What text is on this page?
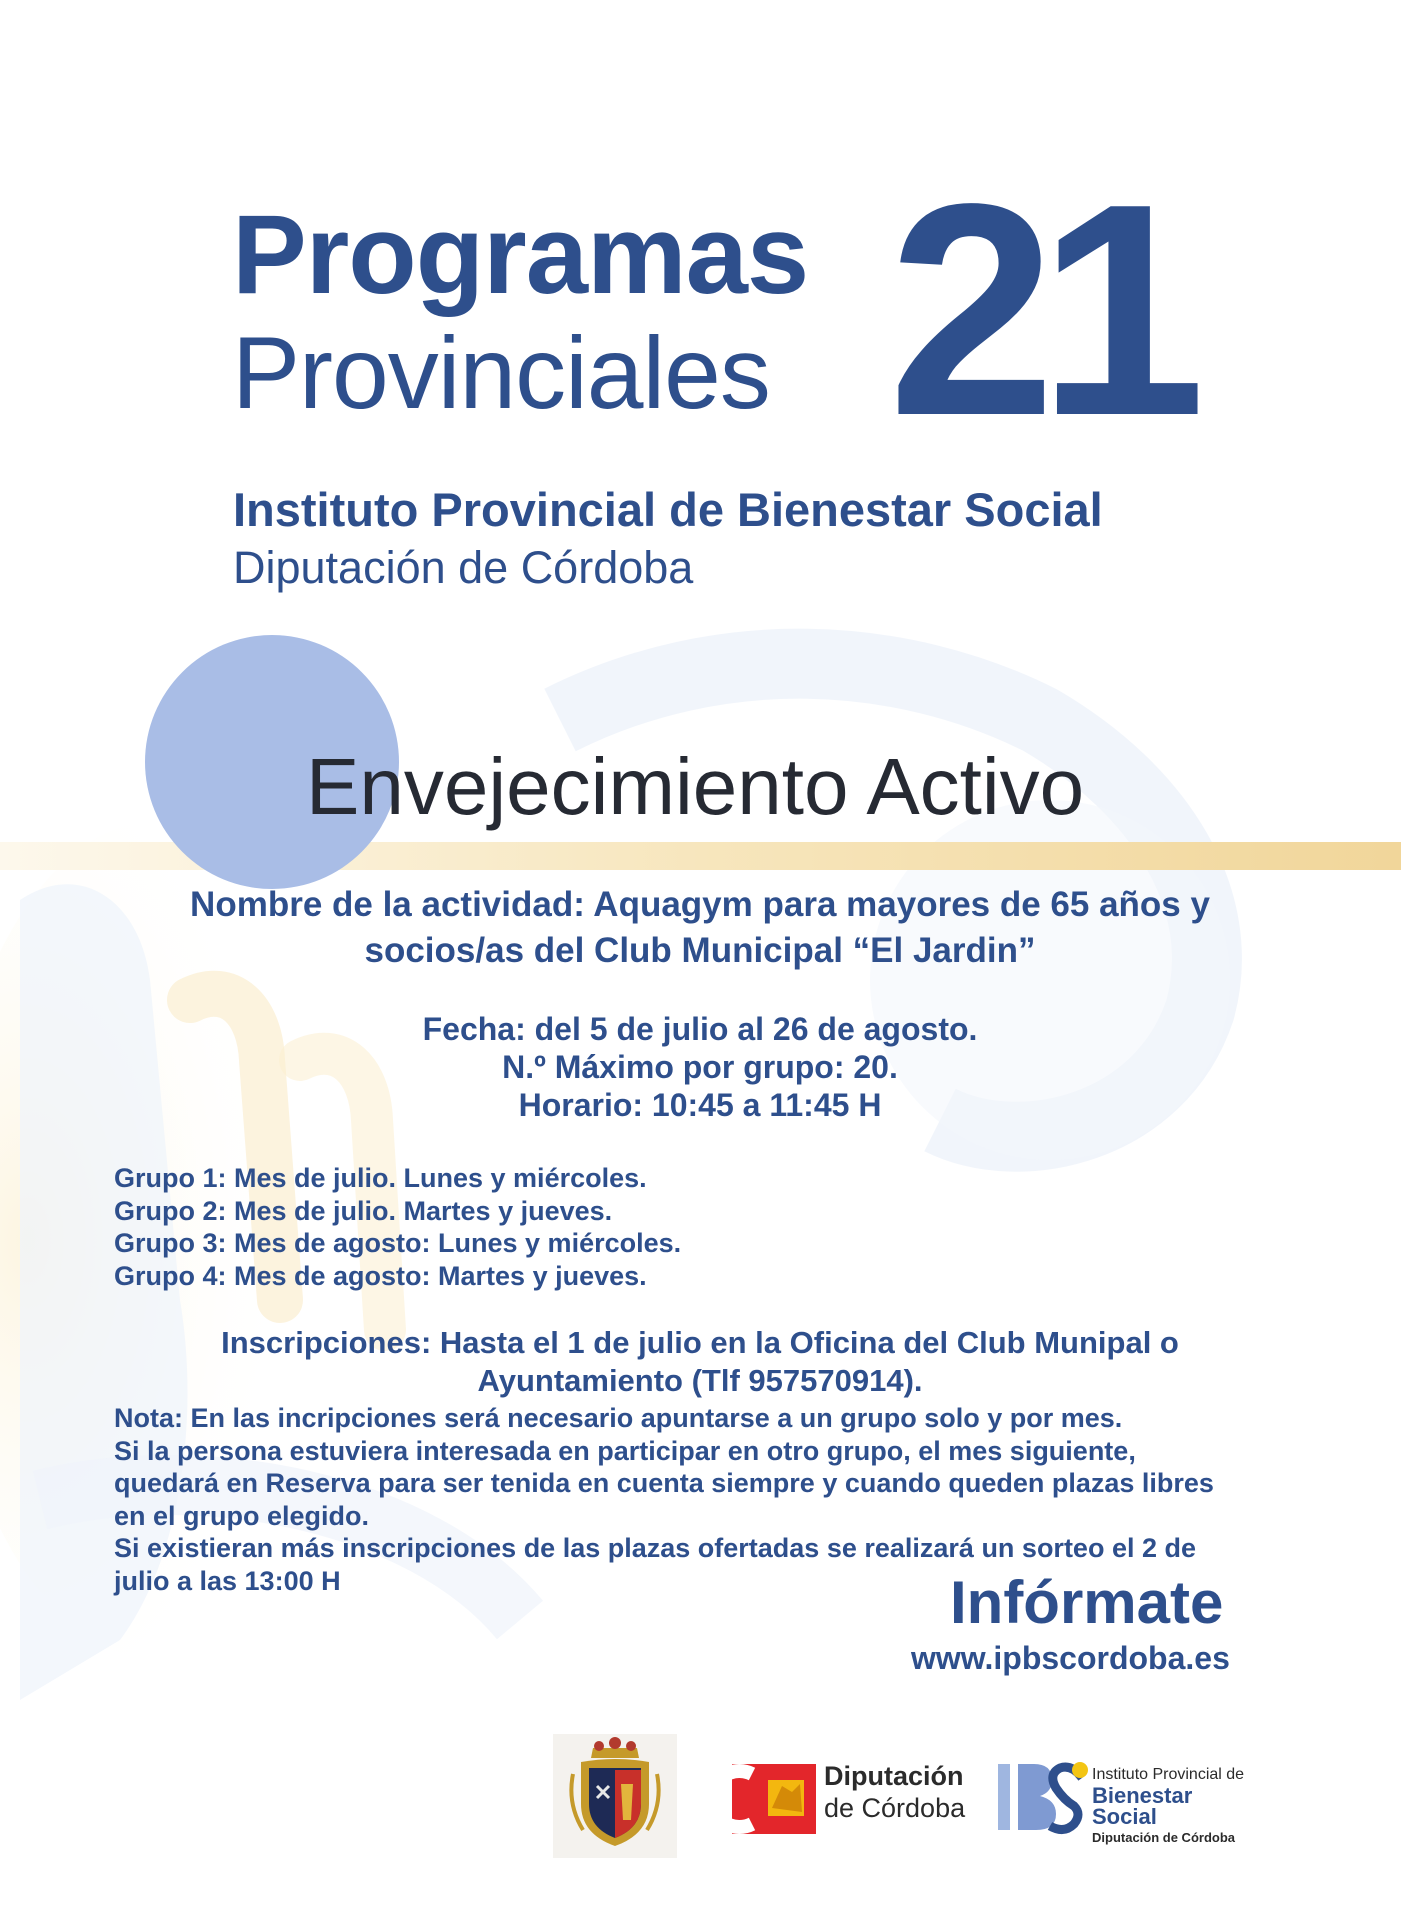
Programas
Provinciales 21
Instituto Provincial de Bienestar Social
Diputación de Córdoba
Envejecimiento Activo
Nombre de la actividad: Aquagym para mayores de 65 años y
socios/as del Club Municipal “El Jardin”
Fecha: del 5 de julio al 26 de agosto.
N.º Máximo por grupo: 20.
Horario: 10:45 a 11:45 H
Grupo 1: Mes de julio. Lunes y miércoles.
Grupo 2: Mes de julio. Martes y jueves.
Grupo 3: Mes de agosto: Lunes y miércoles.
Grupo 4: Mes de agosto: Martes y jueves.
Inscripciones: Hasta el 1 de julio en la Oficina del Club Munipal o
Ayuntamiento (Tlf 957570914).
Nota: En las incripciones será necesario apuntarse a un grupo solo y por mes.
Si la persona estuviera interesada en participar en otro grupo, el mes siguiente,
quedará en Reserva para ser tenida en cuenta siempre y cuando queden plazas libres
en el grupo elegido.
Si existieran más inscripciones de las plazas ofertadas se realizará un sorteo el 2 de
julio a las 13:00 H	Infórmate
www.ipbscordoba.es
Diputación
de Córdoba
Instituto Provincial de
Bienestar Social
Diputación de Córdoba
